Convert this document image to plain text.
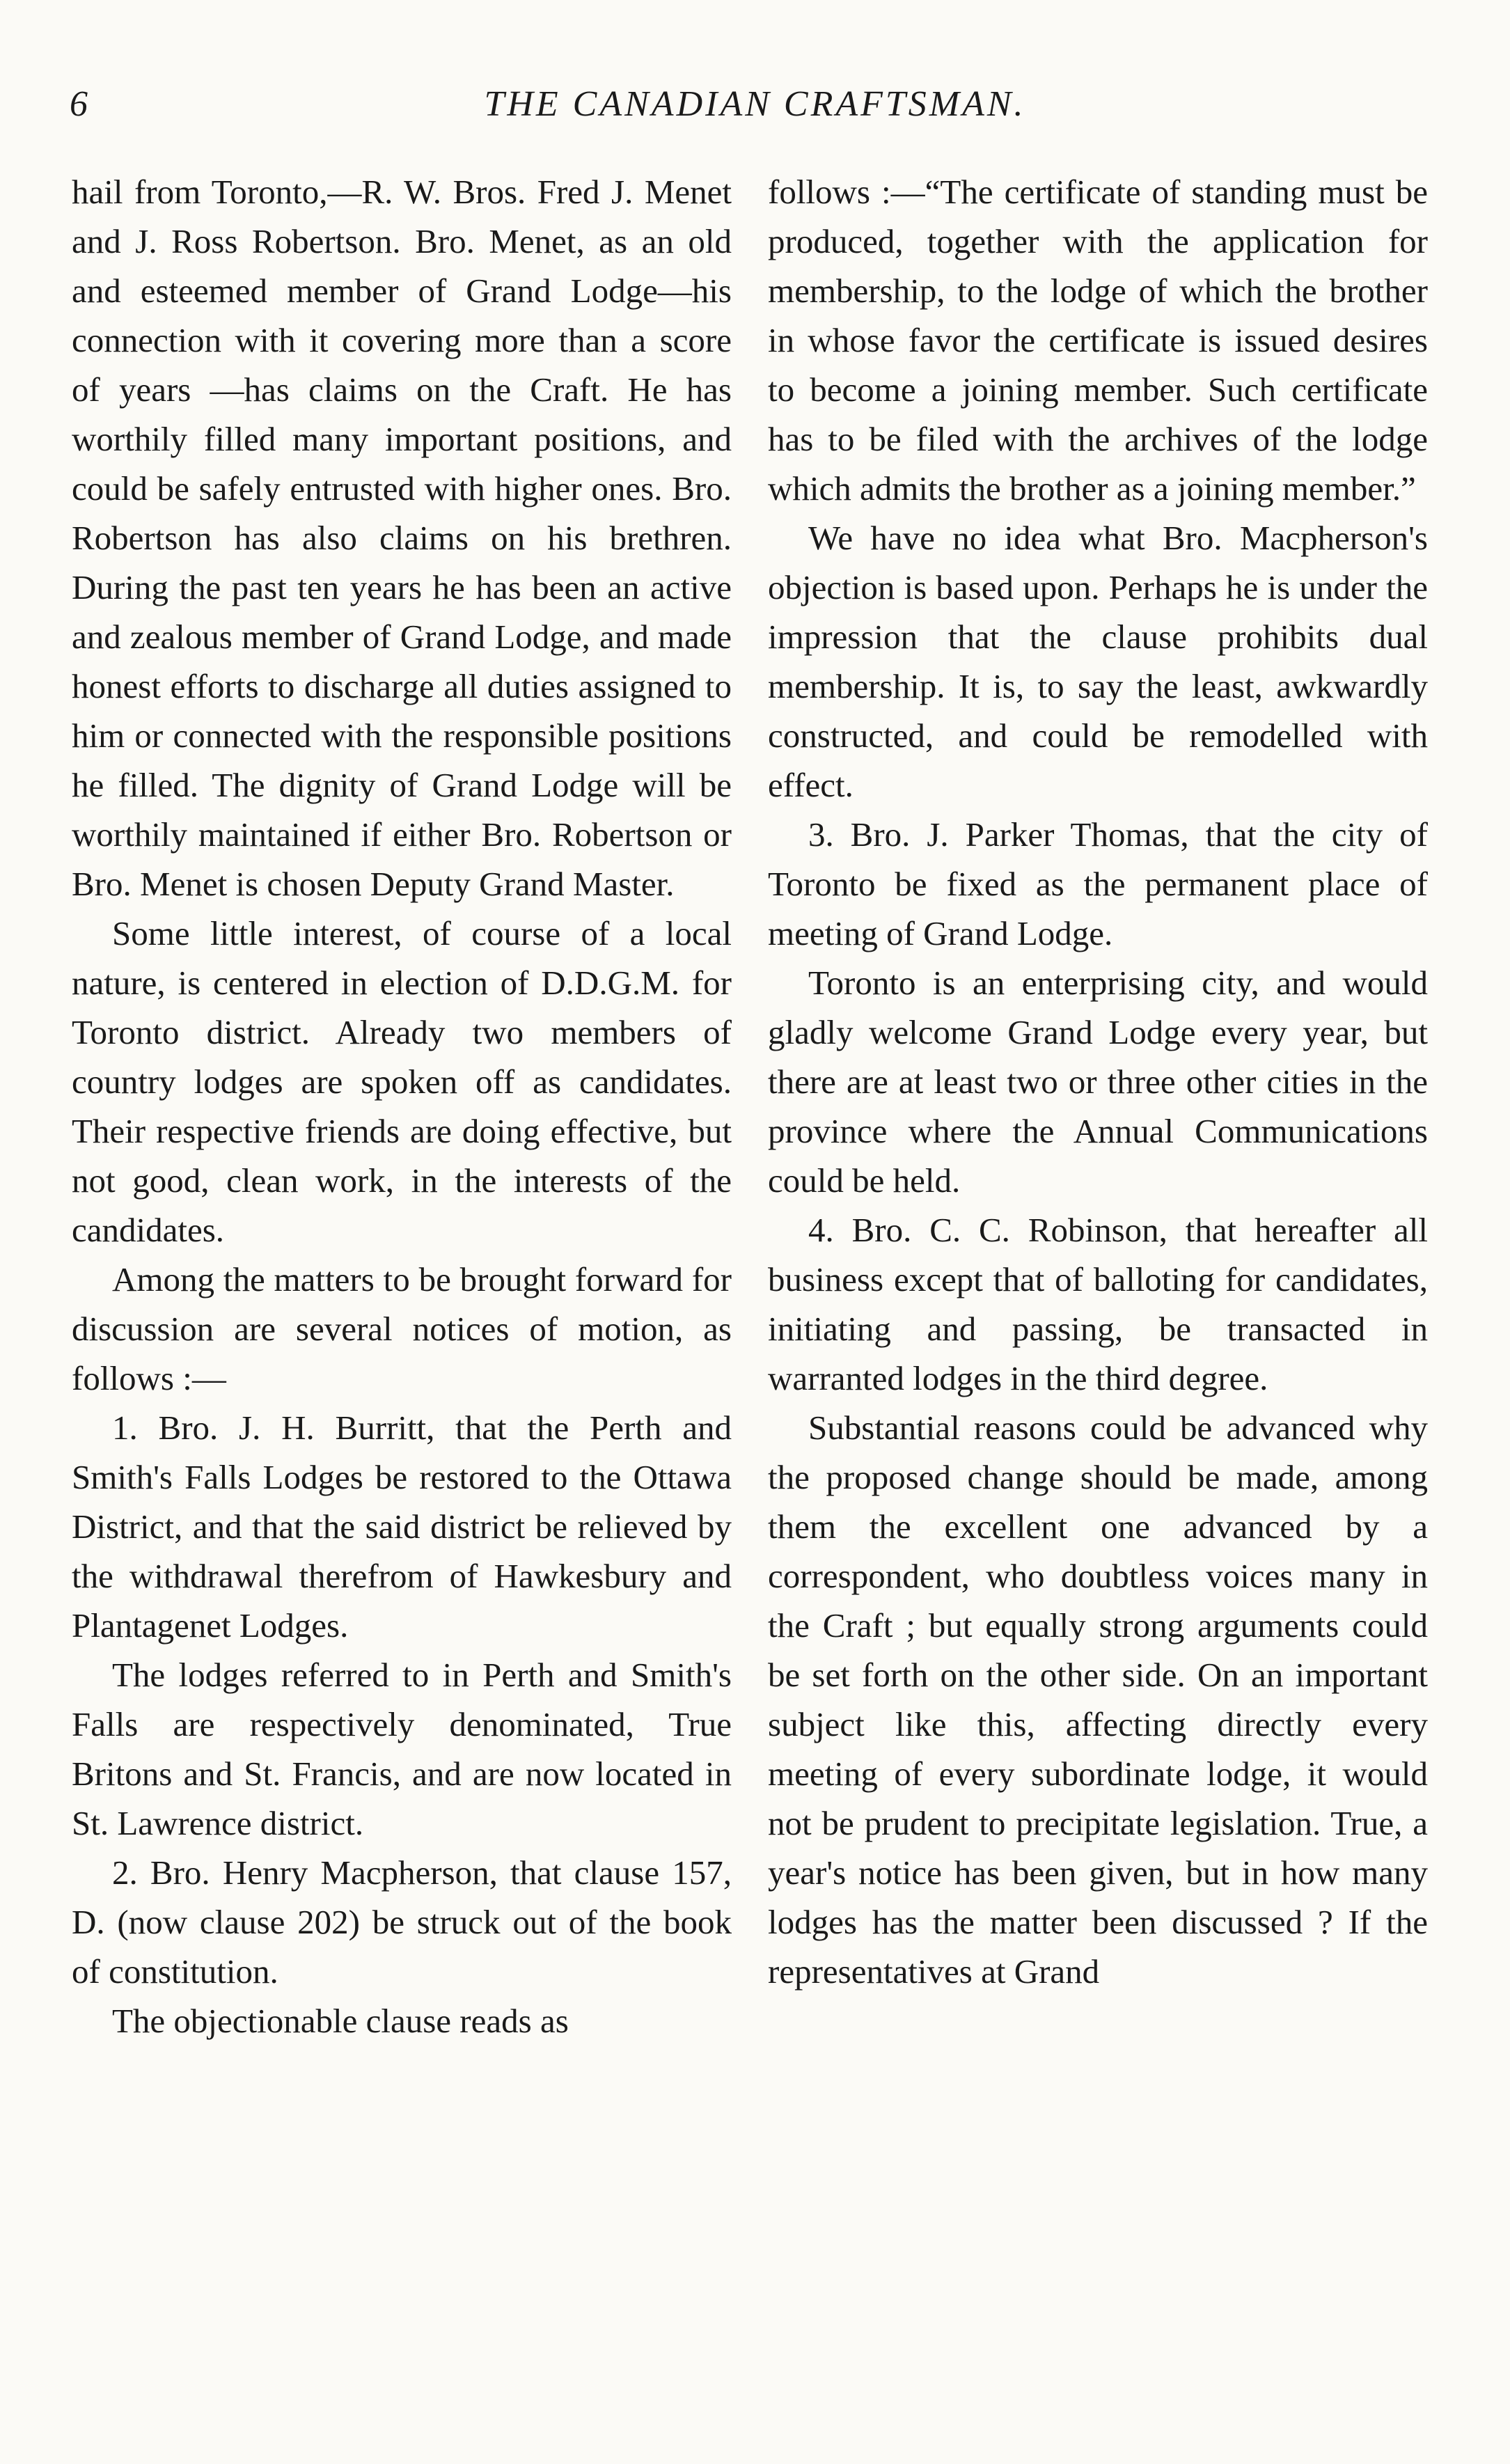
6	THE CANADIAN CRAFTSMAN.

hail from Toronto,—R. W. Bros. Fred J. Menet and J. Ross Robertson. Bro. Menet, as an old and esteemed member of Grand Lodge—his connection with it covering more than a score of years —has claims on the Craft. He has worthily filled many important positions, and could be safely entrusted with higher ones. Bro. Robertson has also claims on his brethren. During the past ten years he has been an active and zealous member of Grand Lodge, and made honest efforts to discharge all duties assigned to him or connected with the responsible positions he filled. The dignity of Grand Lodge will be worthily maintained if either Bro. Robertson or Bro. Menet is chosen Deputy Grand Master.

Some little interest, of course of a local nature, is centered in election of D.D.G.M. for Toronto district. Already two members of country lodges are spoken off as candidates. Their respective friends are doing effective, but not good, clean work, in the interests of the candidates.

Among the matters to be brought forward for discussion are several notices of motion, as follows :—

1. Bro. J. H. Burritt, that the Perth and Smith's Falls Lodges be restored to the Ottawa District, and that the said district be relieved by the withdrawal therefrom of Hawkesbury and Plantagenet Lodges.

The lodges referred to in Perth and Smith's Falls are respectively denominated, True Britons and St. Francis, and are now located in St. Lawrence district.

2. Bro. Henry Macpherson, that clause 157, D. (now clause 202) be struck out of the book of constitution.

The objectionable clause reads as

follows :—“The certificate of standing must be produced, together with the application for membership, to the lodge of which the brother in whose favor the certificate is issued desires to become a joining member. Such certificate has to be filed with the archives of the lodge which admits the brother as a joining member.”

We have no idea what Bro. Macpherson's objection is based upon. Perhaps he is under the impression that the clause prohibits dual membership. It is, to say the least, awkwardly constructed, and could be remodelled with effect.

3. Bro. J. Parker Thomas, that the city of Toronto be fixed as the permanent place of meeting of Grand Lodge.

Toronto is an enterprising city, and would gladly welcome Grand Lodge every year, but there are at least two or three other cities in the province where the Annual Communications could be held.

4. Bro. C. C. Robinson, that hereafter all business except that of balloting for candidates, initiating and passing, be transacted in warranted lodges in the third degree.

Substantial reasons could be advanced why the proposed change should be made, among them the excellent one advanced by a correspondent, who doubtless voices many in the Craft ; but equally strong arguments could be set forth on the other side. On an important subject like this, affecting directly every meeting of every subordinate lodge, it would not be prudent to precipitate legislation. True, a year's notice has been given, but in how many lodges has the matter been discussed ? If the representatives at Grand
